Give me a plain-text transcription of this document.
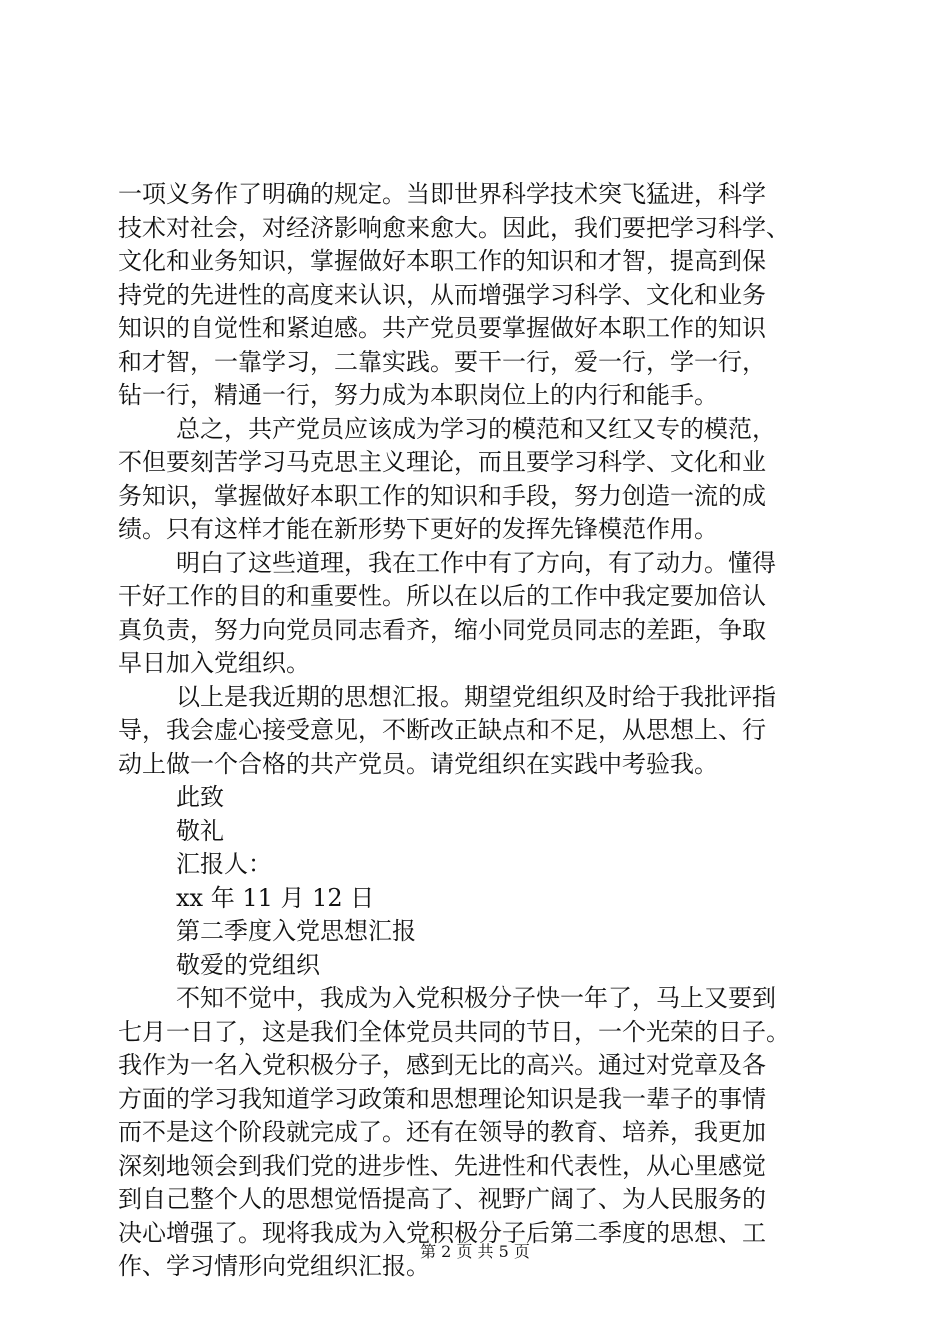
一项义务作了明确的规定。当即世界科学技术突飞猛进，科学
技术对社会，对经济影响愈来愈大。因此，我们要把学习科学、
文化和业务知识，掌握做好本职工作的知识和才智，提高到保
持党的先进性的高度来认识，从而增强学习科学、文化和业务
知识的自觉性和紧迫感。共产党员要掌握做好本职工作的知识
和才智，一靠学习，二靠实践。要干一行，爱一行，学一行，
钻一行，精通一行，努力成为本职岗位上的内行和能手。
总之，共产党员应该成为学习的模范和又红又专的模范，
不但要刻苦学习马克思主义理论，而且要学习科学、文化和业
务知识，掌握做好本职工作的知识和手段，努力创造一流的成
绩。只有这样才能在新形势下更好的发挥先锋模范作用。
明白了这些道理，我在工作中有了方向，有了动力。懂得
干好工作的目的和重要性。所以在以后的工作中我定要加倍认
真负责，努力向党员同志看齐，缩小同党员同志的差距，争取
早日加入党组织。
以上是我近期的思想汇报。期望党组织及时给于我批评指
导，我会虚心接受意见，不断改正缺点和不足，从思想上、行
动上做一个合格的共产党员。请党组织在实践中考验我。
此致
敬礼
汇报人：
xx 年 11 月 12 日
第二季度入党思想汇报
敬爱的党组织
不知不觉中，我成为入党积极分子快一年了，马上又要到
七月一日了，这是我们全体党员共同的节日，一个光荣的日子。
我作为一名入党积极分子，感到无比的高兴。通过对党章及各
方面的学习我知道学习政策和思想理论知识是我一辈子的事情
而不是这个阶段就完成了。还有在领导的教育、培养，我更加
深刻地领会到我们党的进步性、先进性和代表性，从心里感觉
到自己整个人的思想觉悟提高了、视野广阔了、为人民服务的
决心增强了。现将我成为入党积极分子后第二季度的思想、工
作、学习情形向党组织汇报。
第 2 页 共 5 页
